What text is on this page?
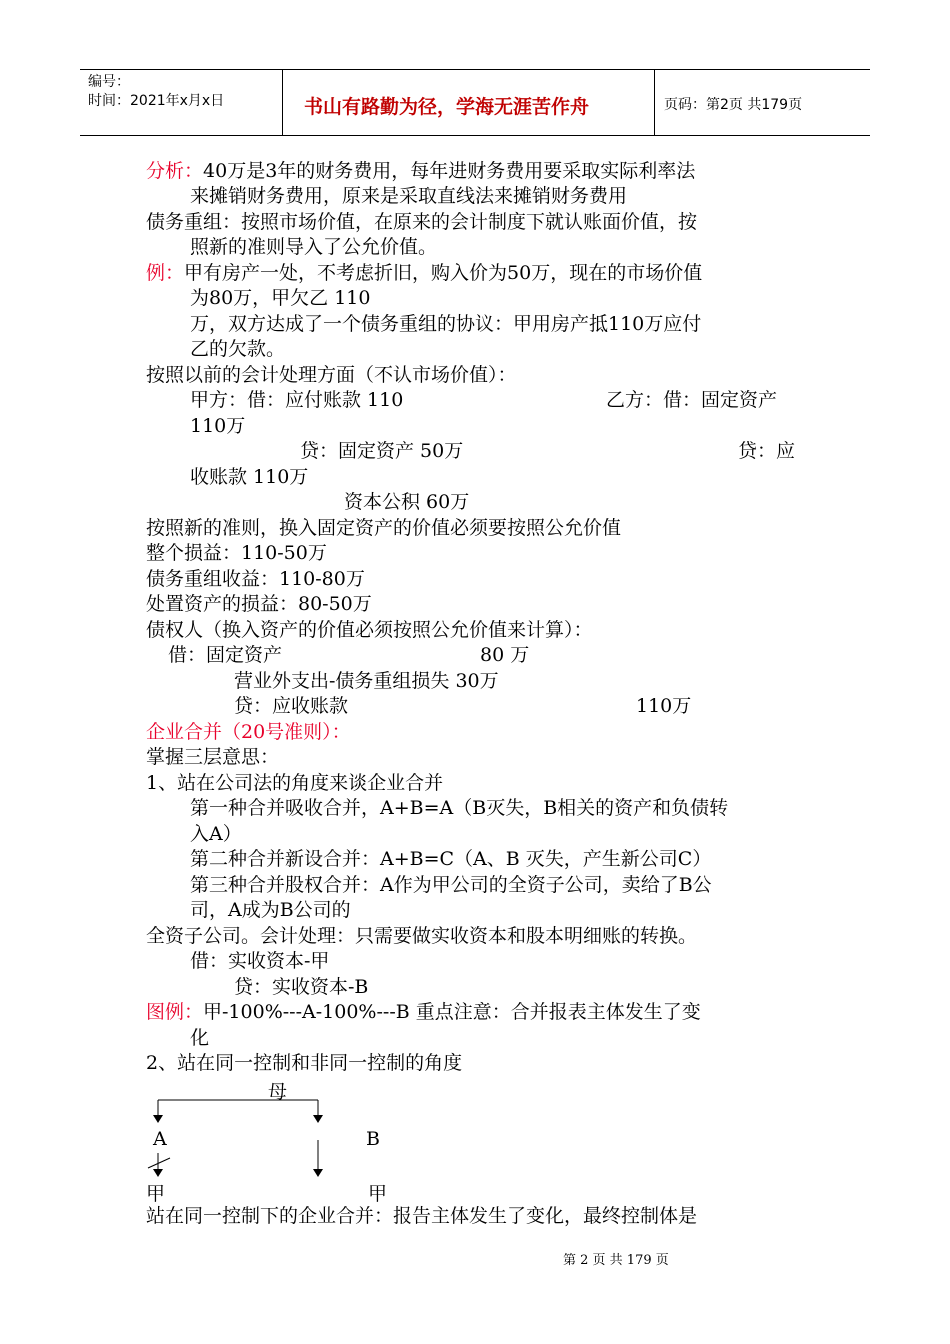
编号：
时间：2021年x月x日	书山有路勤为径，学海无涯苦作舟	页码：第2页 共179页
分析：40万是3年的财务费用，每年进财务费用要采取实际利率法
来摊销财务费用，原来是采取直线法来摊销财务费用
债务重组：按照市场价值，在原来的会计制度下就认账面价值，按
照新的准则导入了公允价值。
例：甲有房产一处，不考虑折旧，购入价为50万，现在的市场价值
为80万，甲欠乙 110
万，双方达成了一个债务重组的协议：甲用房产抵110万应付
乙的欠款。
按照以前的会计处理方面（不认市场价值）：
甲方：借：应付账款 110	乙方：借：固定资产
110万
贷：固定资产 50万	贷：应
收账款 110万
资本公积 60万
按照新的准则，换入固定资产的价值必须要按照公允价值
整个损益：110-50万
债务重组收益：110-80万
处置资产的损益：80-50万
债权人（换入资产的价值必须按照公允价值来计算）：
借：固定资产	80 万
营业外支出-债务重组损失 30万
贷：应收账款	110万
企业合并（20号准则）：
掌握三层意思：
1、站在公司法的角度来谈企业合并
第一种合并吸收合并，A+B=A（B灭失，B相关的资产和负债转
入A）
第二种合并新设合并：A+B=C（A、B 灭失，产生新公司C）
第三种合并股权合并：A作为甲公司的全资子公司，卖给了B公
司，A成为B公司的
全资子公司。会计处理：只需要做实收资本和股本明细账的转换。
借：实收资本-甲
贷：实收资本-B
图例：甲-100%---A-100%---B 重点注意：合并报表主体发生了变
化
2、站在同一控制和非同一控制的角度
母
A	B
甲	甲
站在同一控制下的企业合并：报告主体发生了变化，最终控制体是
第 2 页 共 179 页
